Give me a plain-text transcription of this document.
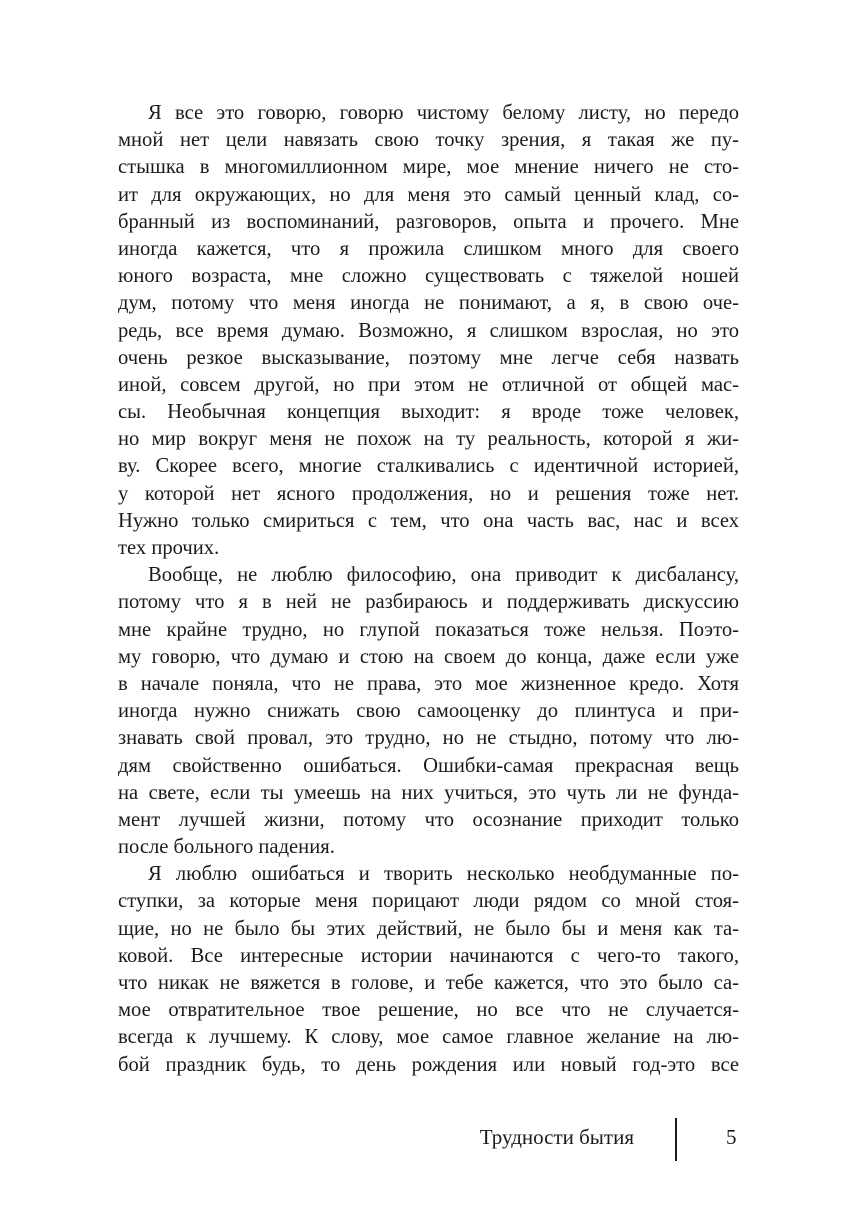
Я все это говорю, говорю чистому белому листу, но передо
мной нет цели навязать свою точку зрения, я такая же пу-
стышка в многомиллионном мире, мое мнение ничего не сто-
ит для окружающих, но для меня это самый ценный клад, со-
бранный из воспоминаний, разговоров, опыта и прочего. Мне
иногда кажется, что я прожила слишком много для своего
юного возраста, мне сложно существовать с тяжелой ношей
дум, потому что меня иногда не понимают, а я, в свою оче-
редь, все время думаю. Возможно, я слишком взрослая, но это
очень резкое высказывание, поэтому мне легче себя назвать
иной, совсем другой, но при этом не отличной от общей мас-
сы. Необычная концепция выходит: я вроде тоже человек,
но мир вокруг меня не похож на ту реальность, которой я жи-
ву. Скорее всего, многие сталкивались с идентичной историей,
у которой нет ясного продолжения, но и решения тоже нет.
Нужно только смириться с тем, что она часть вас, нас и всех
тех прочих.
Вообще, не люблю философию, она приводит к дисбалансу,
потому что я в ней не разбираюсь и поддерживать дискуссию
мне крайне трудно, но глупой показаться тоже нельзя. Поэто-
му говорю, что думаю и стою на своем до конца, даже если уже
в начале поняла, что не права, это мое жизненное кредо. Хотя
иногда нужно снижать свою самооценку до плинтуса и при-
знавать свой провал, это трудно, но не стыдно, потому что лю-
дям свойственно ошибаться. Ошибки-самая прекрасная вещь
на свете, если ты умеешь на них учиться, это чуть ли не фунда-
мент лучшей жизни, потому что осознание приходит только
после больного падения.
Я люблю ошибаться и творить несколько необдуманные по-
ступки, за которые меня порицают люди рядом со мной стоя-
щие, но не было бы этих действий, не было бы и меня как та-
ковой. Все интересные истории начинаются с чего-то такого,
что никак не вяжется в голове, и тебе кажется, что это было са-
мое отвратительное твое решение, но все что не случается-
всегда к лучшему. К слову, мое самое главное желание на лю-
бой праздник будь, то день рождения или новый год-это все
Трудности бытия	5
